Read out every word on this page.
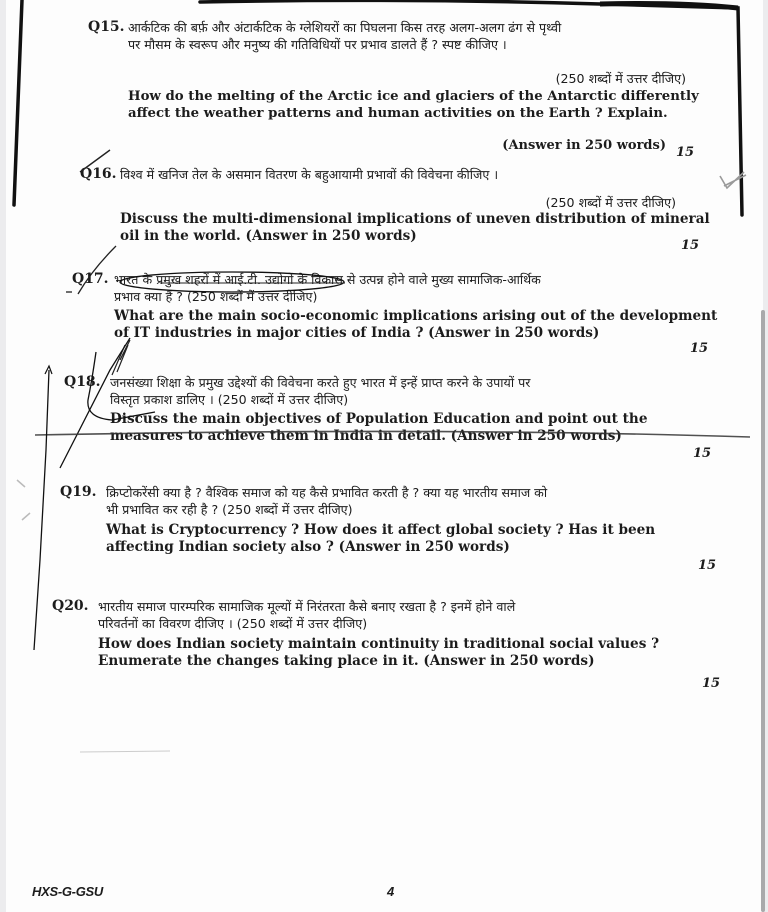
Q15. आर्कटिक की बर्फ़ और अंटार्कटिक के ग्लेशियरों का पिघलना किस तरह अलग-अलग ढंग से पृथ्वी
पर मौसम के स्वरूप और मनुष्य की गतिविधियों पर प्रभाव डालते हैं ? स्पष्ट कीजिए ।
(250 शब्दों में उत्तर दीजिए)
How do the melting of the Arctic ice and glaciers of the Antarctic differently
affect the weather patterns and human activities on the Earth ? Explain.
(Answer in 250 words) 15
Q16. विश्व में खनिज तेल के असमान वितरण के बहुआयामी प्रभावों की विवेचना कीजिए ।
(250 शब्दों में उत्तर दीजिए)
Discuss the multi-dimensional implications of uneven distribution of mineral
oil in the world. (Answer in 250 words)
15
Q17. भारत के प्रमुख शहरों में आई.टी. उद्योगों के विकास से उत्पन्न होने वाले मुख्य सामाजिक-आर्थिक
प्रभाव क्या हैं ? (250 शब्दों में उत्तर दीजिए)
What are the main socio-economic implications arising out of the development
of IT industries in major cities of India ? (Answer in 250 words)
15
Q18. जनसंख्या शिक्षा के प्रमुख उद्देश्यों की विवेचना करते हुए भारत में इन्हें प्राप्त करने के उपायों पर
विस्तृत प्रकाश डालिए । (250 शब्दों में उत्तर दीजिए)
Discuss the main objectives of Population Education and point out the
measures to achieve them in India in detail. (Answer in 250 words)
15
Q19. क्रिप्टोकरेंसी क्या है ? वैश्विक समाज को यह कैसे प्रभावित करती है ? क्या यह भारतीय समाज को
भी प्रभावित कर रही है ? (250 शब्दों में उत्तर दीजिए)
What is Cryptocurrency ? How does it affect global society ? Has it been
affecting Indian society also ? (Answer in 250 words)
15
Q20. भारतीय समाज पारम्परिक सामाजिक मूल्यों में निरंतरता कैसे बनाए रखता है ? इनमें होने वाले
परिवर्तनों का विवरण दीजिए । (250 शब्दों में उत्तर दीजिए)
How does Indian society maintain continuity in traditional social values ?
Enumerate the changes taking place in it. (Answer in 250 words)
15
HXS-G-GSU	4
